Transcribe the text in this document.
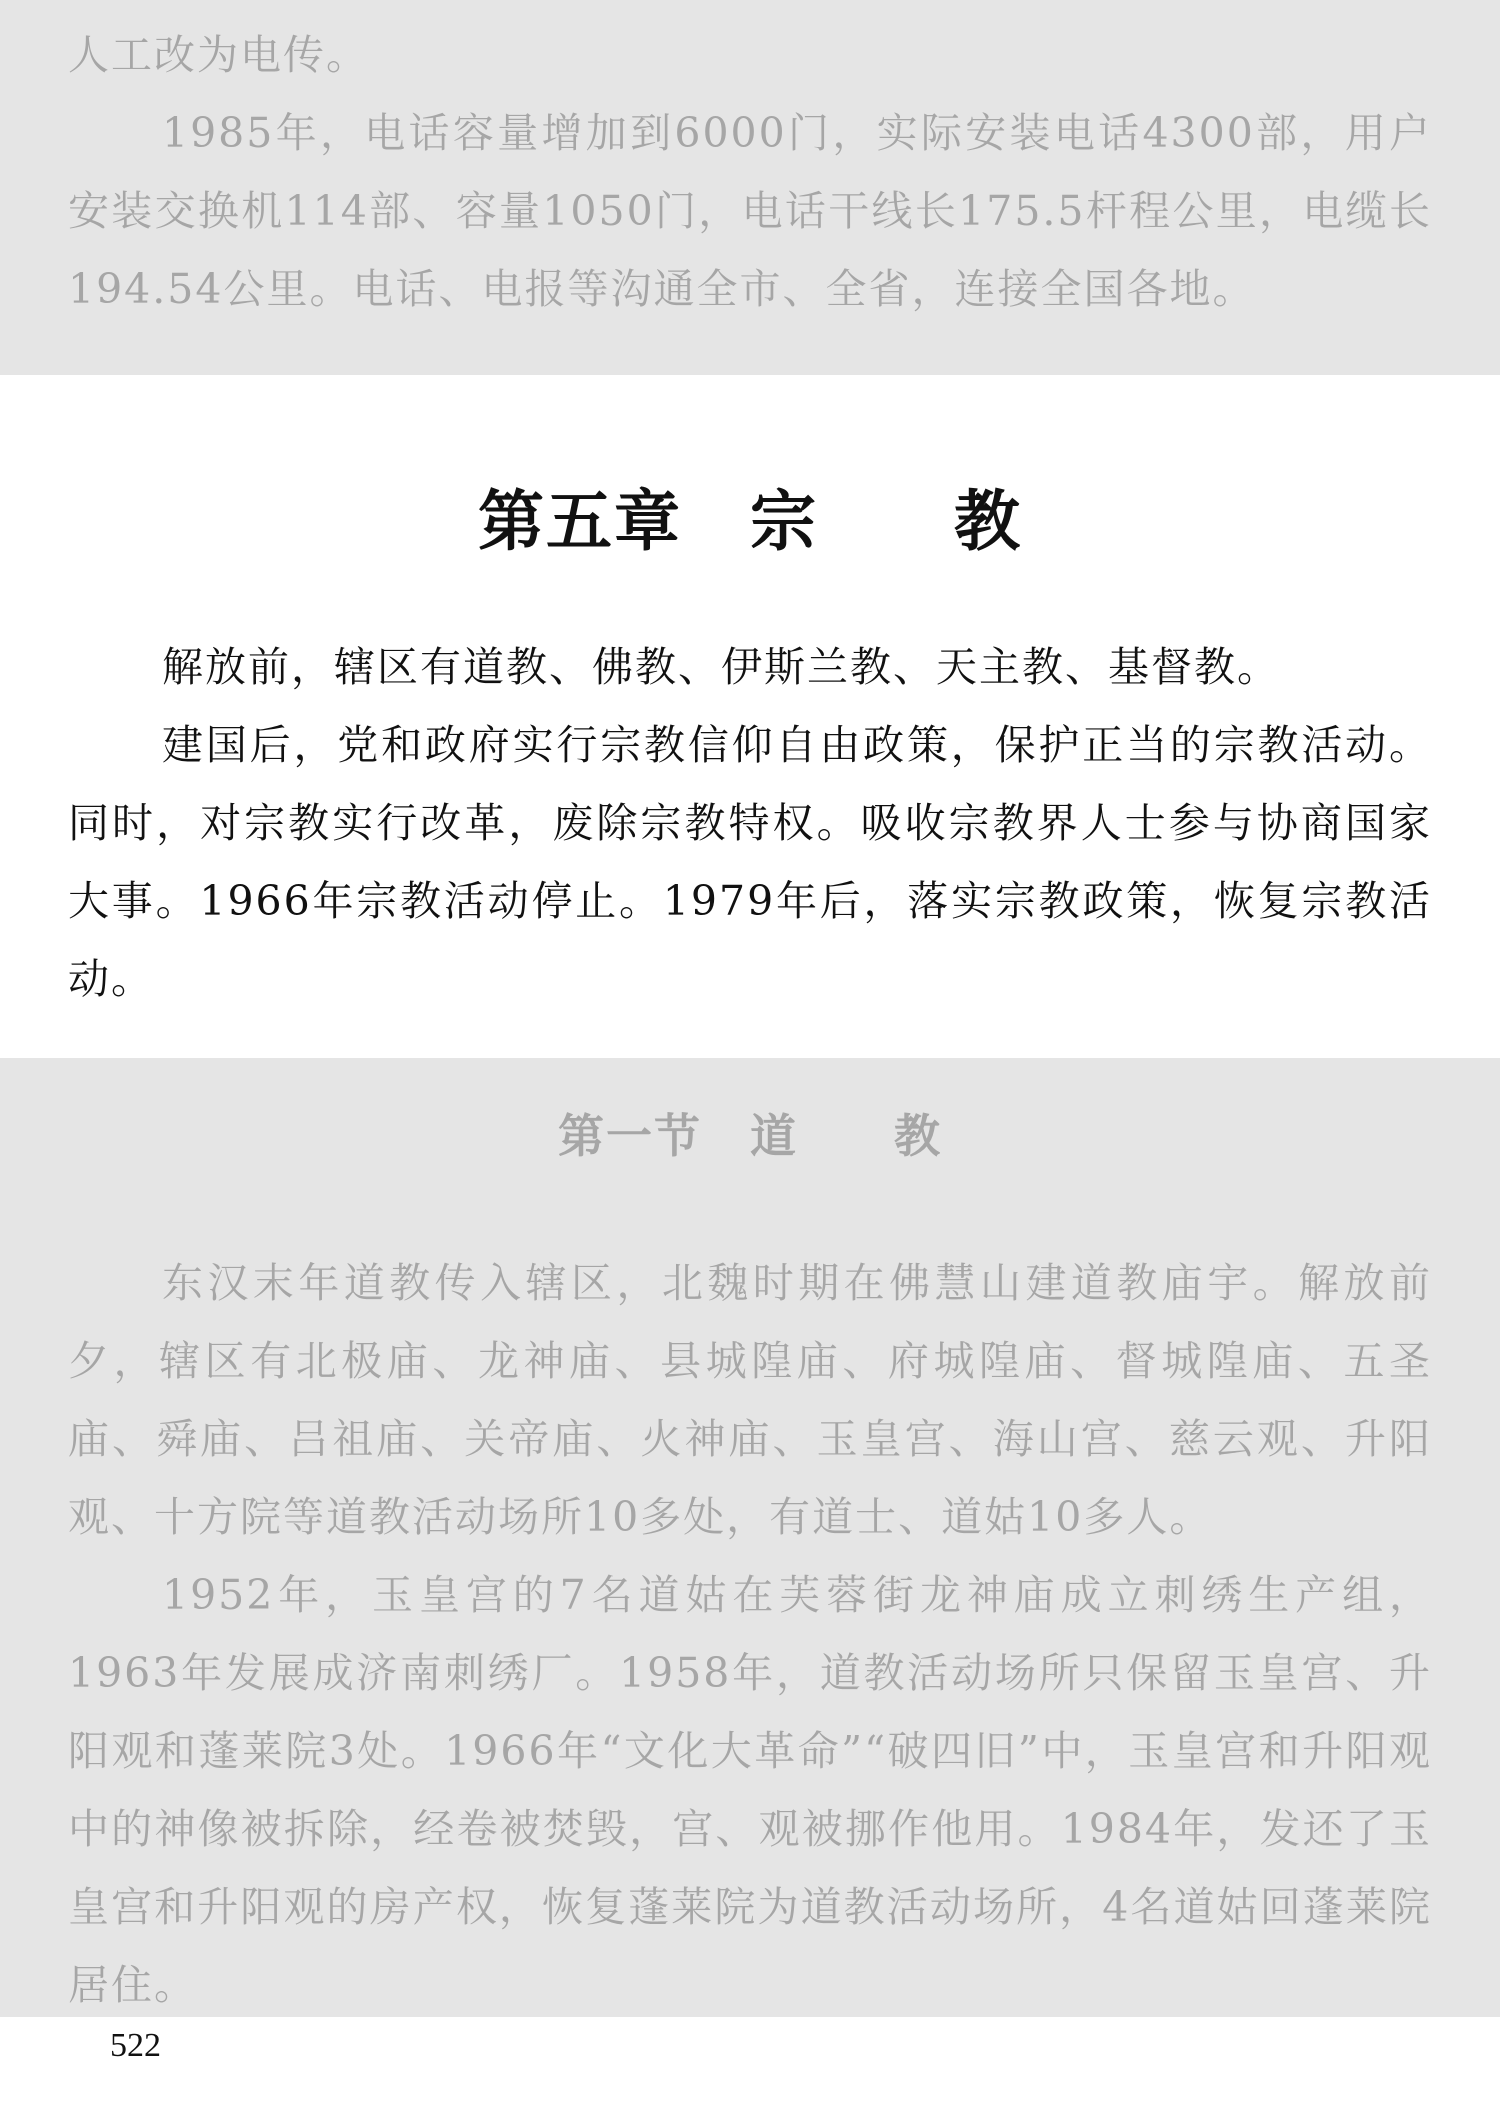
人工改为电传。

1985年，电话容量增加到6000门，实际安装电话4300部，用户安装交换机114部、容量1050门，电话干线长175.5杆程公里，电缆长194.54公里。电话、电报等沟通全市、全省，连接全国各地。

第五章　宗　　教

解放前，辖区有道教、佛教、伊斯兰教、天主教、基督教。

建国后，党和政府实行宗教信仰自由政策，保护正当的宗教活动。同时，对宗教实行改革，废除宗教特权。吸收宗教界人士参与协商国家大事。1966年宗教活动停止。1979年后，落实宗教政策，恢复宗教活动。

第一节　道　　教

东汉末年道教传入辖区，北魏时期在佛慧山建道教庙宇。解放前夕，辖区有北极庙、龙神庙、县城隍庙、府城隍庙、督城隍庙、五圣庙、舜庙、吕祖庙、关帝庙、火神庙、玉皇宫、海山宫、慈云观、升阳观、十方院等道教活动场所10多处，有道士、道姑10多人。

1952年，玉皇宫的7名道姑在芙蓉街龙神庙成立刺绣生产组，1963年发展成济南刺绣厂。1958年，道教活动场所只保留玉皇宫、升阳观和蓬莱院3处。1966年“文化大革命”“破四旧”中，玉皇宫和升阳观中的神像被拆除，经卷被焚毁，宫、观被挪作他用。1984年，发还了玉皇宫和升阳观的房产权，恢复蓬莱院为道教活动场所，4名道姑回蓬莱院居住。

522
